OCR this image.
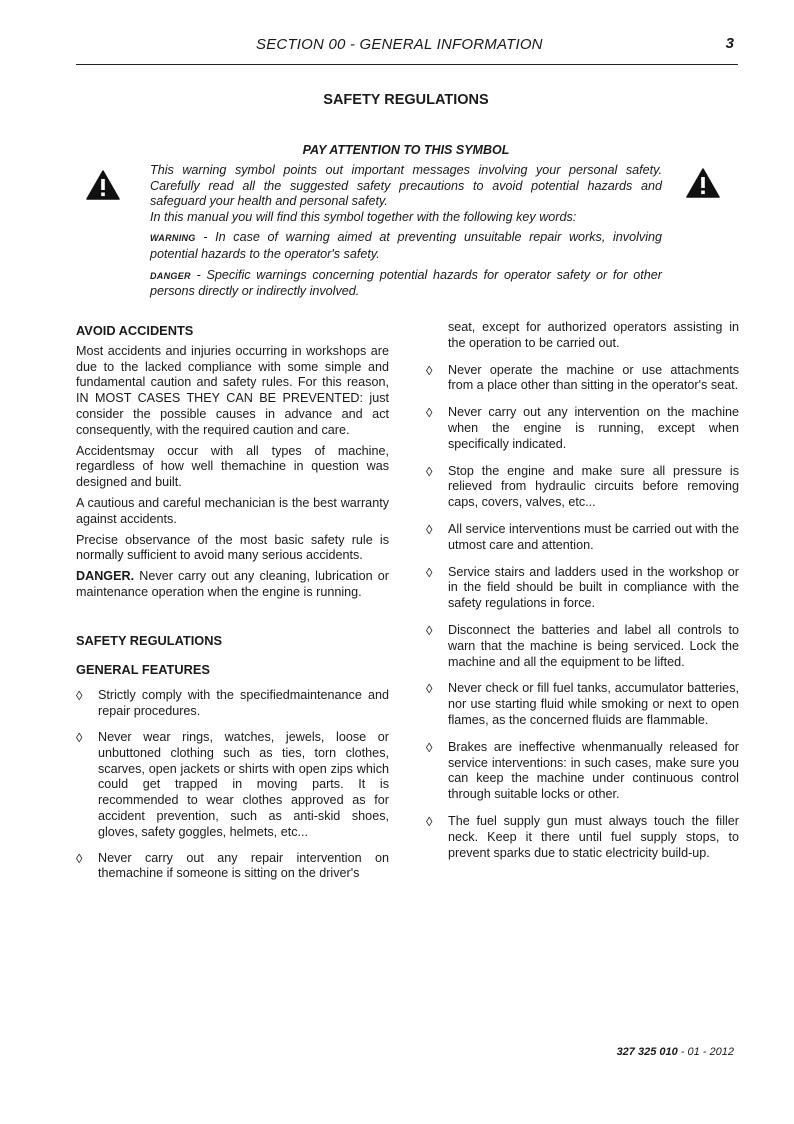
SECTION 00 - GENERAL INFORMATION	3
SAFETY REGULATIONS
PAY ATTENTION TO THIS SYMBOL

This warning symbol points out important messages involving your personal safety. Carefully read all the suggested safety precautions to avoid potential hazards and safeguard your health and personal safety.

In this manual you will find this symbol together with the following key words:

WARNING - In case of warning aimed at preventing unsuitable repair works, involving potential hazards to the operator's safety.

DANGER - Specific warnings concerning potential hazards for operator safety or for other persons directly or indirectly involved.

AVOID ACCIDENTS

Most accidents and injuries occurring in workshops are due to the lacked compliance with some simple and fundamental caution and safety rules. For this reason, IN MOST CASES THEY CAN BE PREVENTED: just consider the possible causes in advance and act consequently, with the required caution and care.

Accidentsmay occur with all types of machine, regardless of how well themachine in question was designed and built.

A cautious and careful mechanician is the best warranty against accidents.

Precise observance of the most basic safety rule is normally sufficient to avoid many serious accidents.

DANGER. Never carry out any cleaning, lubrication or maintenance operation when the engine is running.

SAFETY REGULATIONS

GENERAL FEATURES

◊ Strictly comply with the specifiedmaintenance and repair procedures.
◊ Never wear rings, watches, jewels, loose or unbuttoned clothing such as ties, torn clothes, scarves, open jackets or shirts with open zips which could get trapped in moving parts. It is recommended to wear clothes approved as for accident prevention, such as anti-skid shoes, gloves, safety goggles, helmets, etc...
◊ Never carry out any repair intervention on themachine if someone is sitting on the driver's
seat, except for authorized operators assisting in the operation to be carried out.
◊ Never operate the machine or use attachments from a place other than sitting in the operator's seat.
◊ Never carry out any intervention on the machine when the engine is running, except when specifically indicated.
◊ Stop the engine and make sure all pressure is relieved from hydraulic circuits before removing caps, covers, valves, etc...
◊ All service interventions must be carried out with the utmost care and attention.
◊ Service stairs and ladders used in the workshop or in the field should be built in compliance with the safety regulations in force.
◊ Disconnect the batteries and label all controls to warn that the machine is being serviced. Lock the machine and all the equipment to be lifted.
◊ Never check or fill fuel tanks, accumulator batteries, nor use starting fluid while smoking or next to open flames, as the concerned fluids are flammable.
◊ Brakes are ineffective whenmanually released for service interventions: in such cases, make sure you can keep the machine under continuous control through suitable locks or other.
◊ The fuel supply gun must always touch the filler neck. Keep it there until fuel supply stops, to prevent sparks due to static electricity build-up.
327 325 010 - 01 - 2012
